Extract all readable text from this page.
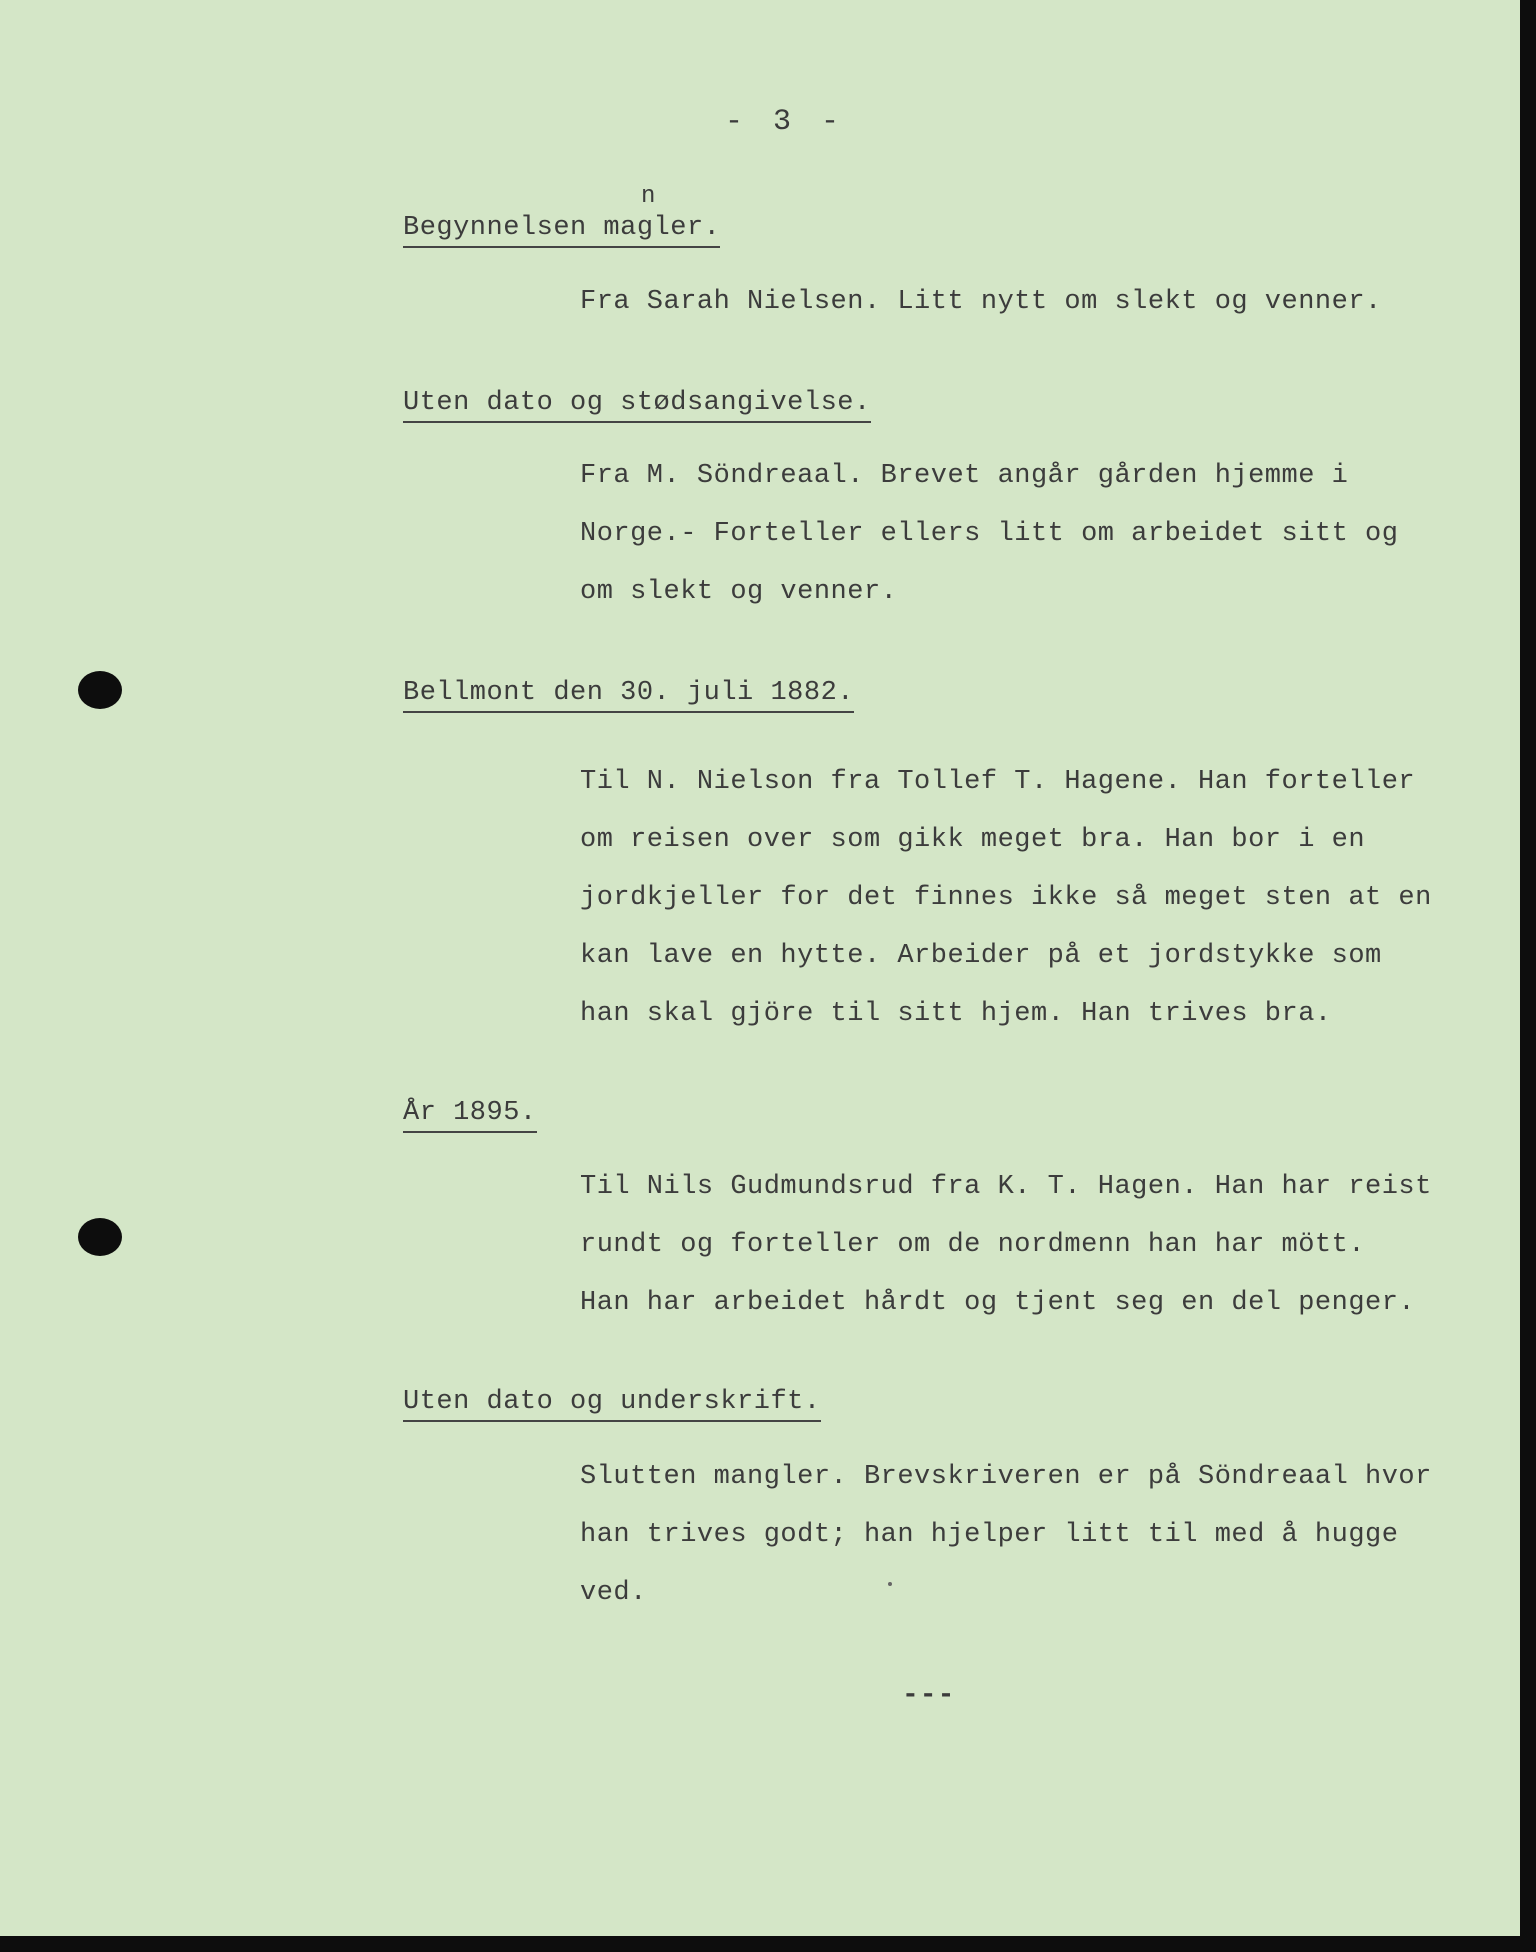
- 3 -
n
Begynnelsen magler.
Fra Sarah Nielsen. Litt nytt om slekt og venner.
Uten dato og stødsangivelse.
Fra M. Söndreaal. Brevet angår gården hjemme i
Norge.- Forteller ellers litt om arbeidet sitt og
om slekt og venner.
Bellmont den 30. juli 1882.
Til N. Nielson fra Tollef T. Hagene. Han forteller
om reisen over som gikk meget bra. Han bor i en
jordkjeller for det finnes ikke så meget sten at en
kan lave en hytte. Arbeider på et jordstykke som
han skal gjöre til sitt hjem. Han trives bra.
År 1895.
Til Nils Gudmundsrud fra K. T. Hagen. Han har reist
rundt og forteller om de nordmenn han har mött.
Han har arbeidet hårdt og tjent seg en del penger.
Uten dato og underskrift.
Slutten mangler. Brevskriveren er på Söndreaal hvor
han trives godt; han hjelper litt til med å hugge
ved.
---
